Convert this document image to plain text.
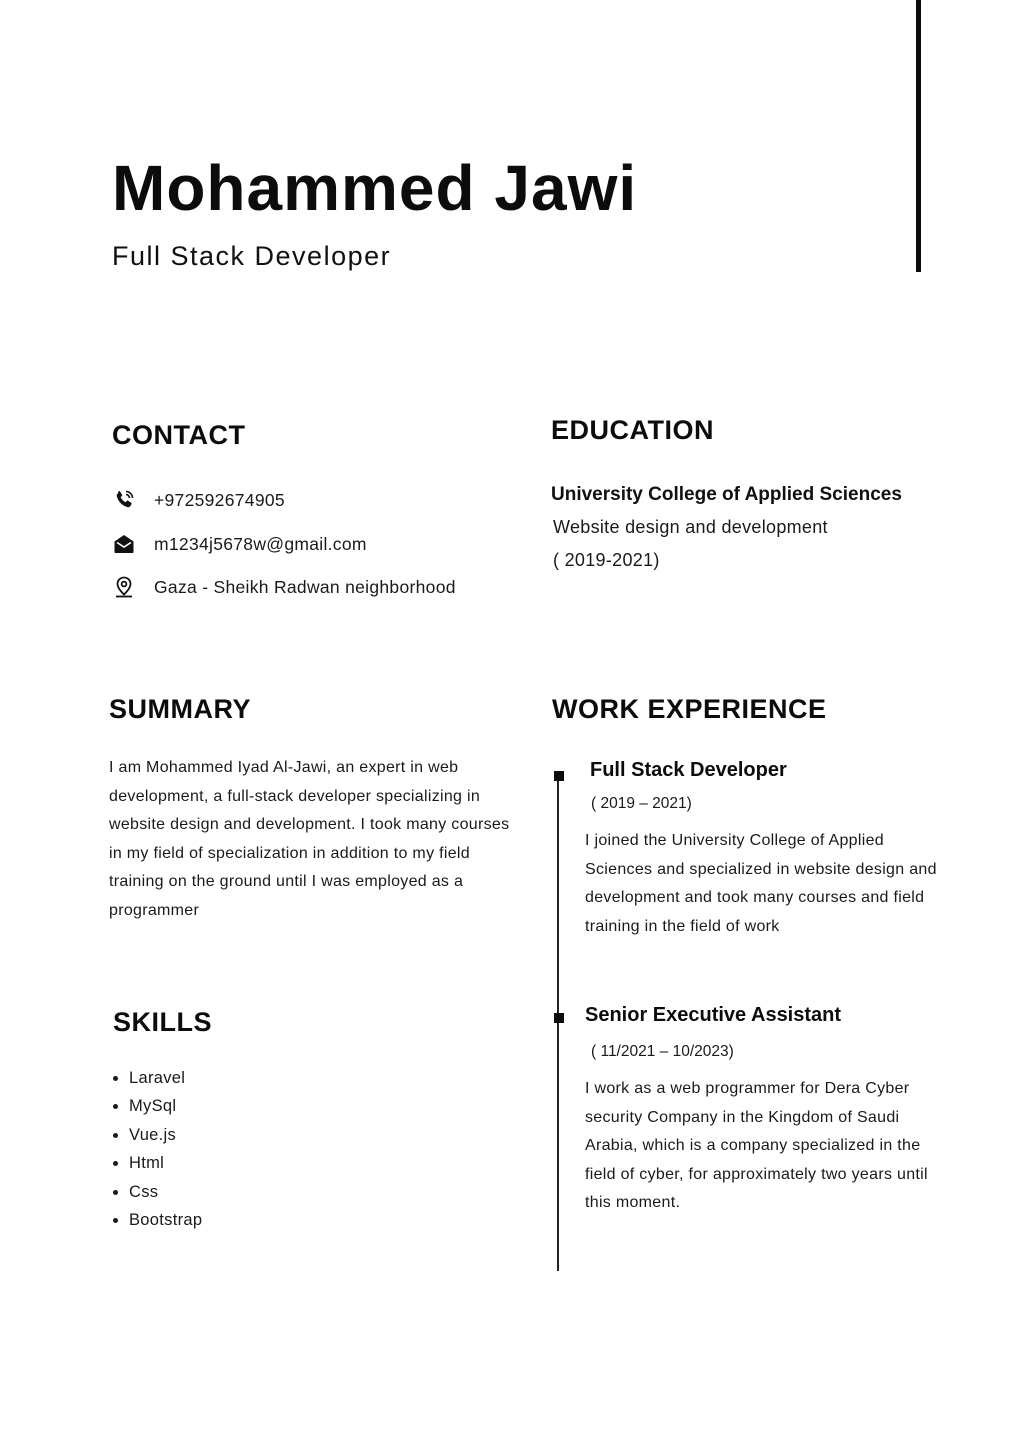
Mohammed Jawi
Full Stack Developer
CONTACT
+972592674905
m1234j5678w@gmail.com
Gaza - Sheikh Radwan neighborhood
EDUCATION
University College of Applied Sciences
Website design and development
( 2019-2021)
SUMMARY
I am Mohammed Iyad Al-Jawi, an expert in web development, a full-stack developer specializing in website design and development. I took many courses in my field of specialization in addition to my field training on the ground until I was employed as a programmer
SKILLS
• Laravel
• MySql
• Vue.js
• Html
• Css
• Bootstrap
WORK EXPERIENCE
Full Stack Developer
( 2019 – 2021)
I joined the University College of Applied Sciences and specialized in website design and development and took many courses and field training in the field of work
Senior Executive Assistant
( 11/2021 – 10/2023)
I work as a web programmer for Dera Cyber security Company in the Kingdom of Saudi Arabia, which is a company specialized in the field of cyber, for approximately two years until this moment.
